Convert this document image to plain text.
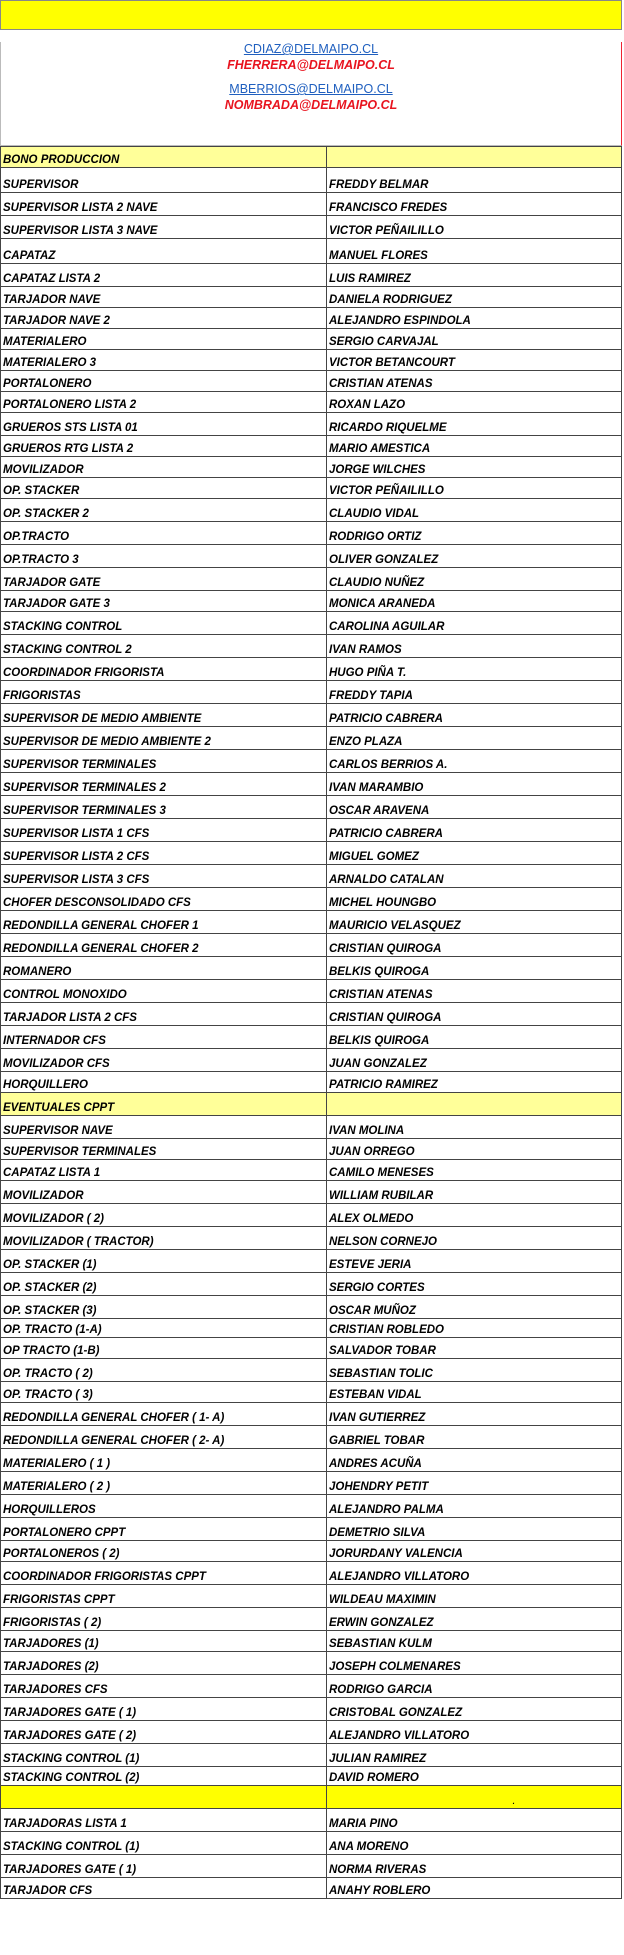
CDIAZ@DELMAIPO.CL
FHERRERA@DELMAIPO.CL
MBERRIOS@DELMAIPO.CL
NOMBRADA@DELMAIPO.CL
BONO PRODUCCION	
SUPERVISOR	FREDDY BELMAR
SUPERVISOR LISTA 2 NAVE	FRANCISCO FREDES
SUPERVISOR LISTA 3 NAVE	VICTOR PEÑAILILLO
CAPATAZ	MANUEL FLORES
CAPATAZ LISTA 2	LUIS RAMIREZ
TARJADOR NAVE	DANIELA RODRIGUEZ
TARJADOR NAVE 2	ALEJANDRO ESPINDOLA
MATERIALERO	SERGIO CARVAJAL
MATERIALERO 3	VICTOR BETANCOURT
PORTALONERO	CRISTIAN ATENAS
PORTALONERO LISTA 2	ROXAN LAZO
GRUEROS STS LISTA 01	RICARDO RIQUELME
GRUEROS RTG LISTA 2	MARIO AMESTICA
MOVILIZADOR	JORGE WILCHES
OP. STACKER	VICTOR PEÑAILILLO
OP. STACKER 2	CLAUDIO VIDAL
OP.TRACTO	RODRIGO ORTIZ
OP.TRACTO 3	OLIVER GONZALEZ
TARJADOR GATE	CLAUDIO NUÑEZ
TARJADOR GATE 3	MONICA ARANEDA
STACKING CONTROL	CAROLINA AGUILAR
STACKING CONTROL 2	IVAN RAMOS
COORDINADOR FRIGORISTA	HUGO PIÑA T.
FRIGORISTAS	FREDDY TAPIA
SUPERVISOR DE MEDIO AMBIENTE	PATRICIO CABRERA
SUPERVISOR DE MEDIO AMBIENTE 2	ENZO PLAZA
SUPERVISOR TERMINALES	CARLOS BERRIOS A.
SUPERVISOR TERMINALES 2	IVAN MARAMBIO
SUPERVISOR TERMINALES 3	OSCAR ARAVENA
SUPERVISOR LISTA 1 CFS	PATRICIO CABRERA
SUPERVISOR LISTA 2 CFS	MIGUEL GOMEZ
SUPERVISOR LISTA 3 CFS	ARNALDO CATALAN
CHOFER DESCONSOLIDADO CFS	MICHEL HOUNGBO
REDONDILLA GENERAL CHOFER 1	MAURICIO VELASQUEZ
REDONDILLA GENERAL CHOFER 2	CRISTIAN QUIROGA
ROMANERO	BELKIS QUIROGA
CONTROL MONOXIDO	CRISTIAN ATENAS
TARJADOR LISTA 2 CFS	CRISTIAN QUIROGA
INTERNADOR CFS	BELKIS QUIROGA
MOVILIZADOR CFS	JUAN GONZALEZ
HORQUILLERO	PATRICIO RAMIREZ
EVENTUALES CPPT	
SUPERVISOR NAVE	IVAN MOLINA
SUPERVISOR TERMINALES	JUAN ORREGO
CAPATAZ LISTA 1	CAMILO MENESES
MOVILIZADOR	WILLIAM RUBILAR
MOVILIZADOR ( 2)	ALEX OLMEDO
MOVILIZADOR ( TRACTOR)	NELSON CORNEJO
OP. STACKER (1)	ESTEVE JERIA
OP. STACKER (2)	SERGIO CORTES
OP. STACKER (3)	OSCAR MUÑOZ
OP. TRACTO (1-A)	CRISTIAN ROBLEDO
OP TRACTO (1-B)	SALVADOR TOBAR
OP. TRACTO ( 2)	SEBASTIAN TOLIC
OP. TRACTO ( 3)	ESTEBAN VIDAL
REDONDILLA GENERAL CHOFER ( 1- A)	IVAN GUTIERREZ
REDONDILLA GENERAL CHOFER ( 2- A)	GABRIEL TOBAR
MATERIALERO ( 1 )	ANDRES ACUÑA
MATERIALERO ( 2 )	JOHENDRY PETIT
HORQUILLEROS	ALEJANDRO PALMA
PORTALONERO CPPT	DEMETRIO SILVA
PORTALONEROS ( 2)	JORURDANY VALENCIA
COORDINADOR FRIGORISTAS CPPT	ALEJANDRO VILLATORO
FRIGORISTAS CPPT	WILDEAU MAXIMIN
FRIGORISTAS ( 2)	ERWIN GONZALEZ
TARJADORES (1)	SEBASTIAN KULM
TARJADORES (2)	JOSEPH COLMENARES
TARJADORES CFS	RODRIGO GARCIA
TARJADORES GATE ( 1)	CRISTOBAL GONZALEZ
TARJADORES GATE ( 2)	ALEJANDRO VILLATORO
STACKING CONTROL (1)	JULIAN RAMIREZ
STACKING CONTROL (2)	DAVID ROMERO

	.

TARJADORAS LISTA 1	MARIA PINO
STACKING CONTROL (1)	ANA MORENO
TARJADORES GATE ( 1)	NORMA RIVERAS
TARJADOR CFS	ANAHY ROBLERO
